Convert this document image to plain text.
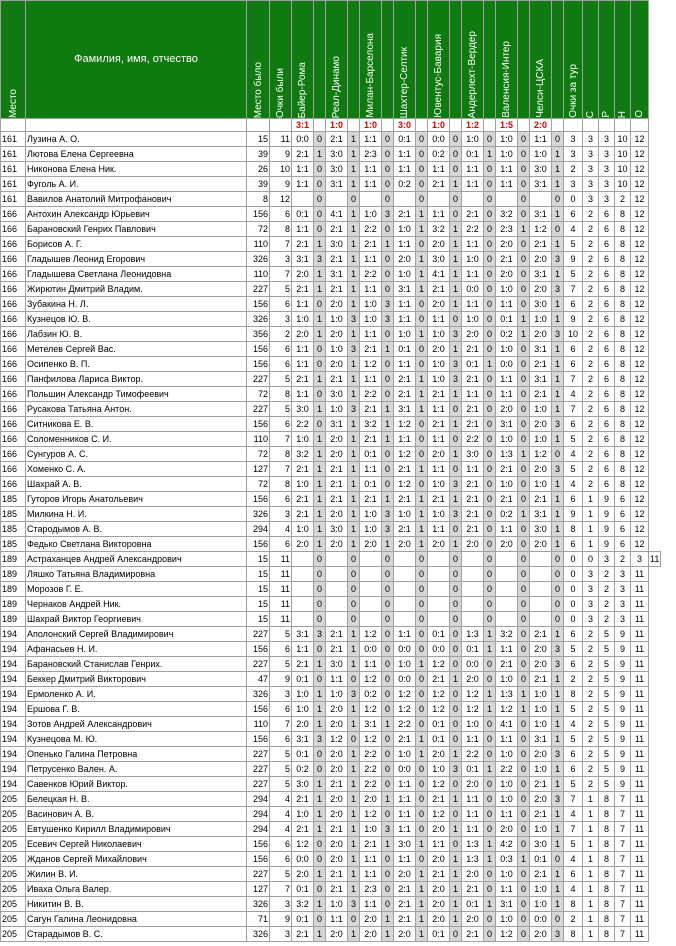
Место	Фамилия, имя, отчество	Место было	Очки были	Байер-Рома		Реал-Динамо		Милан-Барселона		Шахтер-Селтик		Ювентус-Бавария		Андерлехт-Вердер		Валенсия-Интер		Челси-ЦСКА		Очки за тур	С	Р	Н	О	

				3:1		1:0		1:0		3:0		1:0		1:2		1:5		2:0							
161	Лузина А. О.	15	11	0:0	0	2:1	1	1:1	0	0:1	0	0:0	0	1:0	0	1:0	0	1:1	0	3	3	3	10	12	
161	Лютова Елена Сергеевна	39	9	2:1	1	3:0	1	2:3	0	1:1	0	0:2	0	0:1	1	1:0	0	1:0	1	3	3	3	10	12	
161	Никонова Елена Ник.	26	10	1:1	0	3:0	1	1:1	0	1:1	0	1:1	0	1:1	0	1:1	0	3:0	1	2	3	3	10	12	
161	Фуголь А. И.	39	9	1:1	0	3:1	1	1:1	0	0:2	0	2:1	1	1:1	0	1:1	0	3:1	1	3	3	3	10	12	
161	Вавилов Анатолий Митрофанович	8	12		0		0		0		0		0		0		0		0	0	3	3	2	12	
166	Антохин Александр Юрьевич	156	6	0:1	0	4:1	1	1:0	3	2:1	1	1:1	0	2:1	0	3:2	0	3:1	1	6	2	6	8	12	
166	Барановский Генрих Павлович	72	8	1:1	0	2:1	1	2:2	0	1:0	1	3:2	1	2:2	0	2:3	1	1:2	0	4	2	6	8	12	
166	Борисов А. Г.	110	7	2:1	1	3:0	1	2:1	1	1:1	0	2:0	1	1:1	0	2:0	0	2:1	1	5	2	6	8	12	
166	Гладышев Леонид Егорович	326	3	3:1	3	2:1	1	1:1	0	2:0	1	3:0	1	1:0	0	2:1	0	2:0	3	9	2	6	8	12	
166	Гладышева Светлана Леонидовна	110	7	2:0	1	3:1	1	2:2	0	1:0	1	4:1	1	1:1	0	2:0	0	3:1	1	5	2	6	8	12	
166	Жирютин Дмитрий Владим.	227	5	2:1	1	2:1	1	1:1	0	3:1	1	2:1	1	0:0	0	1:0	0	2:0	3	7	2	6	8	12	
166	Зубакина Н. Л.	156	6	1:1	0	2:0	1	1:0	3	1:1	0	2:0	1	1:1	0	1:1	0	3:0	1	6	2	6	8	12	
166	Кузнецов Ю. В.	326	3	1:0	1	1:0	3	1:0	3	1:1	0	1:1	0	1:0	0	0:1	1	1:0	1	9	2	6	8	12	
166	Лабзин Ю. В.	356	2	2:0	1	2:0	1	1:1	0	1:0	1	1:0	3	2:0	0	0:2	1	2:0	3	10	2	6	8	12	
166	Метелев Сергей Вас.	156	6	1:1	0	1:0	3	2:1	1	0:1	0	2:0	1	2:1	0	1:0	0	3:1	1	6	2	6	8	12	
166	Осипенко В. П.	156	6	1:1	0	2:0	1	1:2	0	1:1	0	1:0	3	0:1	1	0:0	0	2:1	1	6	2	6	8	12	
166	Панфилова Лариса Виктор.	227	5	2:1	1	2:1	1	1:1	0	2:1	1	1:0	3	2:1	0	1:1	0	3:1	1	7	2	6	8	12	
166	Польшин Александр Тимофеевич	72	8	1:1	0	3:0	1	2:2	0	2:1	1	2:1	1	1:1	0	1:1	0	2:1	1	4	2	6	8	12	
166	Русакова Татьяна Антон.	227	5	3:0	1	1:0	3	2:1	1	3:1	1	1:1	0	2:1	0	2:0	0	1:0	1	7	2	6	8	12	
166	Ситникова Е. В.	156	6	2:2	0	3:1	1	3:2	1	1:2	0	2:1	1	2:1	0	3:1	0	2:0	3	6	2	6	8	12	
166	Соломенников С. И.	110	7	1:0	1	2:0	1	2:1	1	1:1	0	1:1	0	2:2	0	1:0	0	1:0	1	5	2	6	8	12	
166	Сунгуров А. С.	72	8	3:2	1	2:0	1	0:1	0	1:2	0	2:0	1	3:0	0	1:3	1	1:2	0	4	2	6	8	12	
166	Хоменко С. А.	127	7	2:1	1	2:1	1	1:1	0	2:1	1	1:1	0	1:1	0	2:1	0	2:0	3	5	2	6	8	12	
166	Шахрай А. В.	72	8	1:0	1	2:1	1	0:1	0	1:2	0	1:0	3	2:1	0	1:0	0	1:0	1	4	2	6	8	12	
185	Гуторов Игорь Анатольевич	156	6	2:1	1	2:1	1	2:1	1	2:1	1	2:1	1	2:1	0	2:1	0	2:1	1	6	1	9	6	12	
185	Милкина Н. И.	326	3	2:1	1	2:0	1	1:0	3	1:0	1	1:0	3	2:1	0	0:2	1	3:1	1	9	1	9	6	12	
185	Стародымов А. В.	294	4	1:0	1	3:0	1	1:0	3	2:1	1	1:1	0	2:1	0	1:1	0	3:0	1	8	1	9	6	12	
185	Федько Светлана Викторовна	156	6	2:0	1	2:0	1	2:0	1	2:0	1	2:0	1	2:0	0	2:0	0	2:0	1	6	1	9	6	12	
189	Астраханцев Андрей Александрович	15	11		0		0		0		0		0		0		0		0	0	0	3	2	3	11
189	Ляшко Татьяна Владимировна	15	11		0		0		0		0		0		0		0		0	0	3	2	3	11	
189	Морозов Г. Е.	15	11		0		0		0		0		0		0		0		0	0	3	2	3	11	
189	Чернаков Андрей Ник.	15	11		0		0		0		0		0		0		0		0	0	3	2	3	11	
189	Шахрай Виктор Георгиевич	15	11		0		0		0		0		0		0		0		0	0	3	2	3	11	
194	Аполонский Сергей Владимирович	227	5	3:1	3	2:1	1	1:2	0	1:1	0	0:1	0	1:3	1	3:2	0	2:1	1	6	2	5	9	11	
194	Афанасьев Н. И.	156	6	1:1	0	2:1	1	0:0	0	0:0	0	0:0	0	0:1	1	1:1	0	2:0	3	5	2	5	9	11	
194	Барановский Станислав Генрих.	227	5	2:1	1	3:0	1	1:1	0	1:0	1	1:2	0	0:0	0	2:1	0	2:0	3	6	2	5	9	11	
194	Беккер Дмитрий Викторович	47	9	0:1	0	1:1	0	1:2	0	0:0	0	2:1	1	2:0	0	1:0	0	2:1	1	2	2	5	9	11	
194	Ермоленко А. И.	326	3	1:0	1	1:0	3	0:2	0	1:2	0	1:2	0	1:2	1	1:3	1	1:0	1	8	2	5	9	11	
194	Ершова Г. В.	156	6	1:0	1	2:0	1	1:2	0	1:2	0	1:2	0	1:2	1	1:2	1	1:0	1	5	2	5	9	11	
194	Зотов Андрей Александрович	110	7	2:0	1	2:0	1	3:1	1	2:2	0	0:1	0	1:0	0	4:1	0	1:0	1	4	2	5	9	11	
194	Кузнецова М. Ю.	156	6	3:1	3	1:2	0	1:2	0	2:1	1	0:1	0	1:1	0	1:1	0	3:1	1	5	2	5	9	11	
194	Опенько Галина Петровна	227	5	0:1	0	2:0	1	2:2	0	1:0	1	2:0	1	2:2	0	1:0	0	2:0	3	6	2	5	9	11	
194	Петрусенко Вален. А.	227	5	0:2	0	2:0	1	2:2	0	0:0	0	1:0	3	0:1	1	2:2	0	1:0	1	6	2	5	9	11	
194	Савенков Юрий Виктор.	227	5	3:0	1	2:1	1	2:2	0	1:1	0	1:2	0	2:0	0	1:0	0	2:1	1	5	2	5	9	11	
205	Белецкая Н. В.	294	4	2:1	1	2:0	1	2:0	1	1:1	0	2:1	1	1:1	0	1:0	0	2:0	3	7	1	8	7	11	
205	Васинович А. В.	294	4	1:0	1	2:0	1	1:2	0	1:1	0	1:2	0	1:1	0	1:1	0	2:1	1	4	1	8	7	11	
205	Евтушенко Кирилл Владимирович	294	4	2:1	1	2:1	1	1:0	3	1:1	0	2:0	1	1:1	0	2:0	0	1:0	1	7	1	8	7	11	
205	Есевич Сергей Николаевич	156	6	1:2	0	2:0	1	2:1	1	3:0	1	1:1	0	1:3	1	4:2	0	3:0	1	5	1	8	7	11	
205	Жданов Сергей Михайлович	156	6	0:0	0	2:0	1	1:1	0	1:1	0	2:0	1	1:3	1	0:3	1	0:1	0	4	1	8	7	11	
205	Жилин В. И.	227	5	2:0	1	2:1	1	1:1	0	2:0	1	2:1	1	2:0	0	1:0	0	2:1	1	6	1	8	7	11	
205	Иваха Ольга Валер.	127	7	0:1	0	2:1	1	2:3	0	2:1	1	2:0	1	2:1	0	1:1	0	1:0	1	4	1	8	7	11	
205	Никитин В. В.	326	3	3:2	1	1:0	3	1:1	0	2:1	1	2:0	1	0:1	1	3:1	0	1:0	1	8	1	8	7	11	
205	Сагун Галина Леонидовна	71	9	0:1	0	1:1	0	2:0	1	2:1	1	2:0	1	2:0	0	1:0	0	0:0	0	2	1	8	7	11	
205	Старадымов В. С.	326	3	2:1	1	2:0	1	2:0	1	2:0	1	0:1	0	2:1	0	1:2	0	2:0	3	8	1	8	7	11	
